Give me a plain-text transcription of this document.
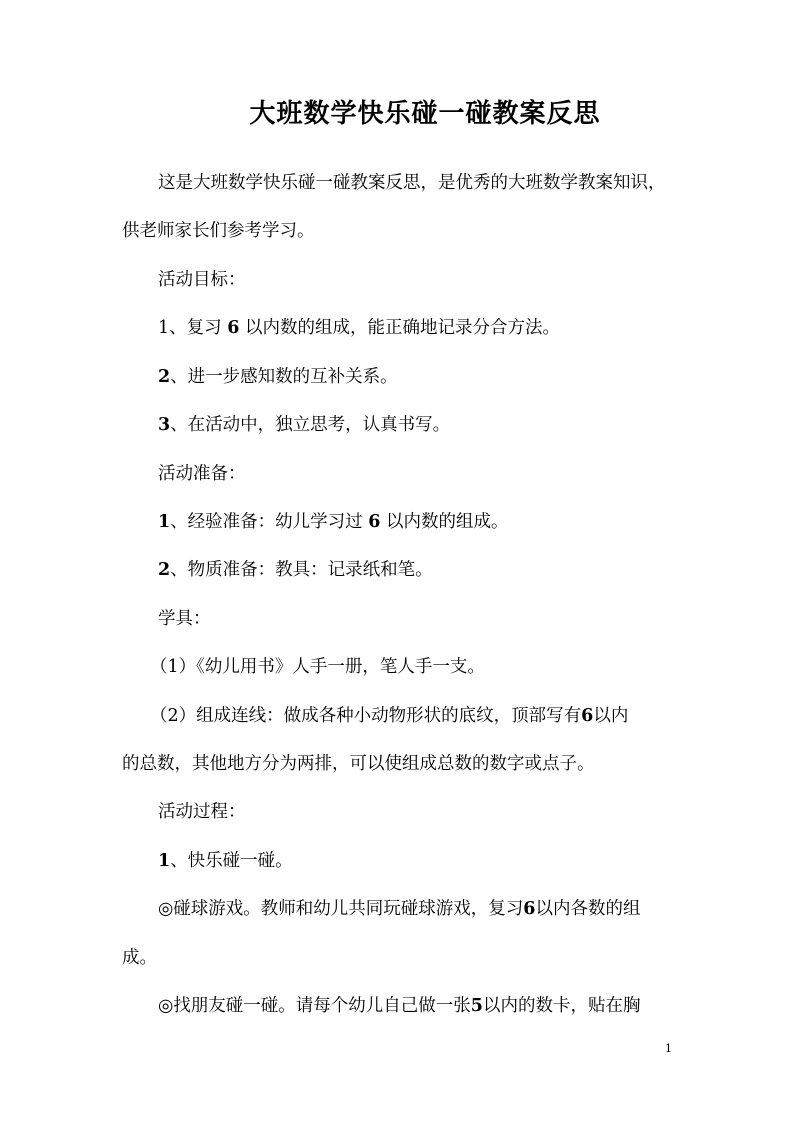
大班数学快乐碰一碰教案反思
这是大班数学快乐碰一碰教案反思，是优秀的大班数学教案知识，
供老师家长们参考学习。
活动目标：
1、复习 6 以内数的组成，能正确地记录分合方法。
2、进一步感知数的互补关系。
3、在活动中，独立思考，认真书写。
活动准备：
1、经验准备：幼儿学习过 6 以内数的组成。
2、物质准备：教具：记录纸和笔。
学具：
（1）《幼儿用书》人手一册，笔人手一支。
（2）组成连线：做成各种小动物形状的底纹，顶部写有6以内
的总数，其他地方分为两排，可以使组成总数的数字或点子。
活动过程：
1、快乐碰一碰。
◎碰球游戏。教师和幼儿共同玩碰球游戏，复习6以内各数的组
成。
◎找朋友碰一碰。请每个幼儿自己做一张5以内的数卡，贴在胸
1
